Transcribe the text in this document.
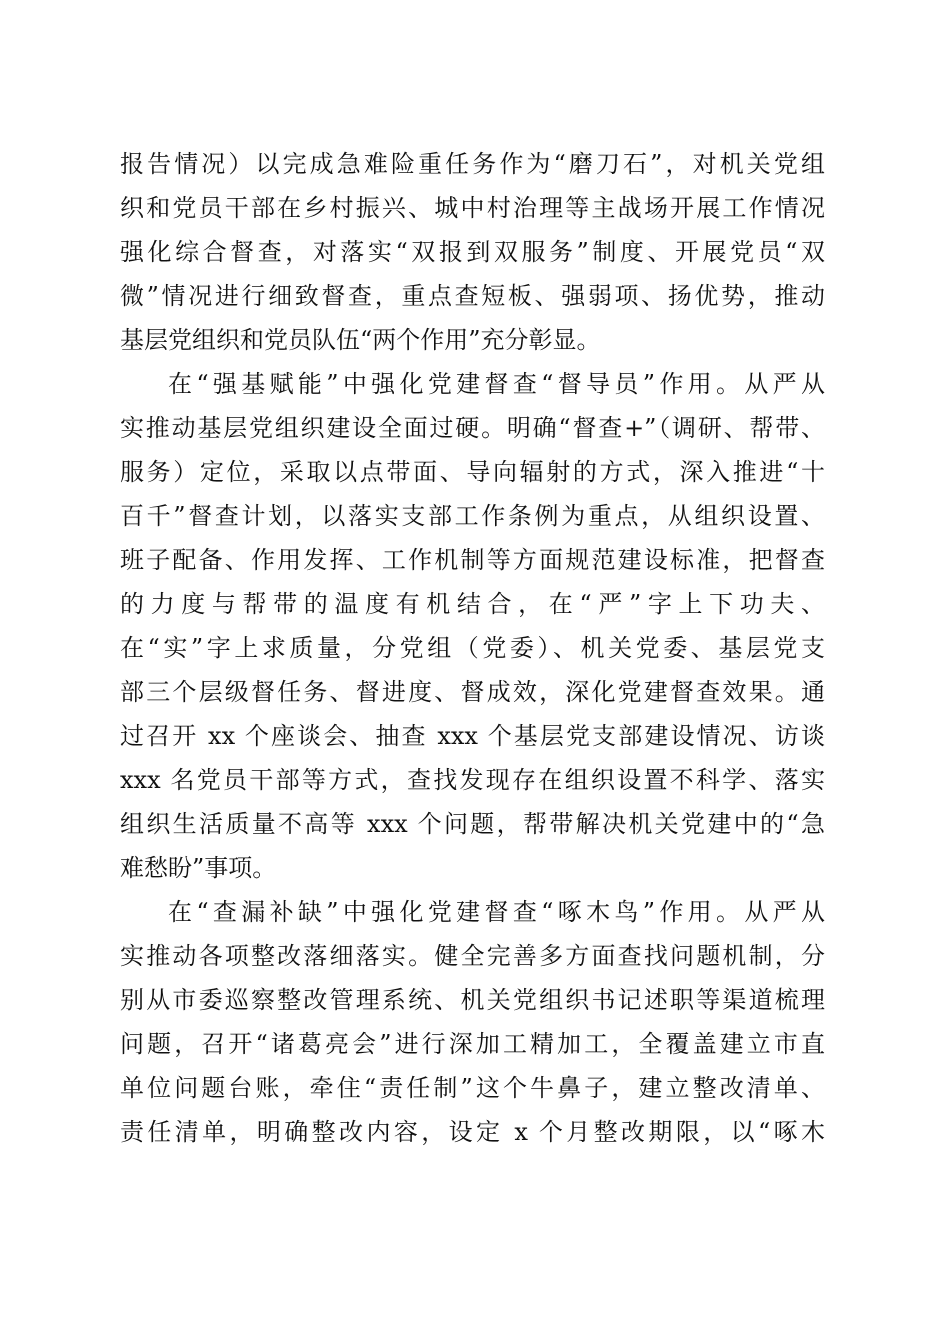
报告情况）以完成急难险重任务作为“磨刀石”，对机关党组
织和党员干部在乡村振兴、城中村治理等主战场开展工作情况
强化综合督查，对落实“双报到双服务”制度、开展党员“双
微”情况进行细致督查，重点查短板、强弱项、扬优势，推动
基层党组织和党员队伍“两个作用”充分彰显。
在“强基赋能”中强化党建督查“督导员”作用。从严从
实推动基层党组织建设全面过硬。明确“督查+”（调研、帮带、
服务）定位，采取以点带面、导向辐射的方式，深入推进“十
百千”督查计划，以落实支部工作条例为重点，从组织设置、
班子配备、作用发挥、工作机制等方面规范建设标准，把督查
的力度与帮带的温度有机结合，在“严”字上下功夫、
在“实”字上求质量，分党组（党委）、机关党委、基层党支
部三个层级督任务、督进度、督成效，深化党建督查效果。通
过召开 xx 个座谈会、抽查 xxx 个基层党支部建设情况、访谈
xxx 名党员干部等方式，查找发现存在组织设置不科学、落实
组织生活质量不高等 xxx 个问题，帮带解决机关党建中的“急
难愁盼”事项。
在“查漏补缺”中强化党建督查“啄木鸟”作用。从严从
实推动各项整改落细落实。健全完善多方面查找问题机制，分
别从市委巡察整改管理系统、机关党组织书记述职等渠道梳理
问题，召开“诸葛亮会”进行深加工精加工，全覆盖建立市直
单位问题台账，牵住“责任制”这个牛鼻子，建立整改清单、
责任清单，明确整改内容，设定 x 个月整改期限，以“啄木
